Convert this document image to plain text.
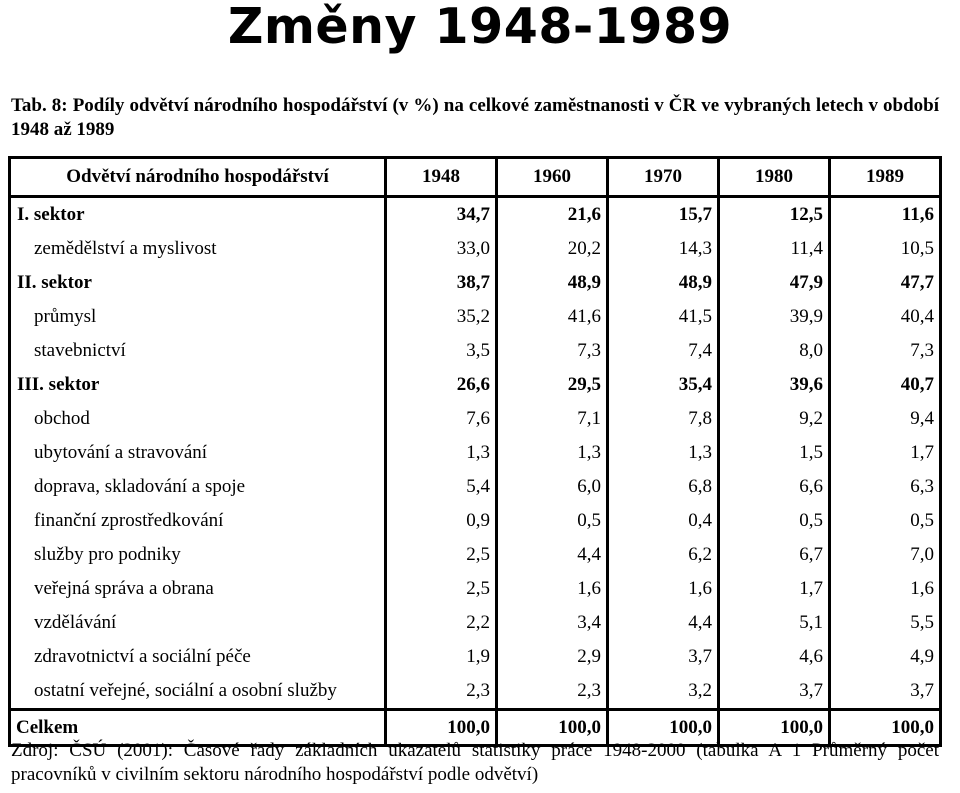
Změny 1948-1989
Tab. 8: Podíly odvětví národního hospodářství (v %) na celkové zaměstnanosti v ČR ve vybraných letech v období 1948 až 1989
Odvětví národního hospodářství	1948	1960	1970	1980	1989
I. sektor	34,7	21,6	15,7	12,5	11,6
zemědělství a myslivost	33,0	20,2	14,3	11,4	10,5
II. sektor	38,7	48,9	48,9	47,9	47,7
průmysl	35,2	41,6	41,5	39,9	40,4
stavebnictví	3,5	7,3	7,4	8,0	7,3
III. sektor	26,6	29,5	35,4	39,6	40,7
obchod	7,6	7,1	7,8	9,2	9,4
ubytování a stravování	1,3	1,3	1,3	1,5	1,7
doprava, skladování a spoje	5,4	6,0	6,8	6,6	6,3
finanční zprostředkování	0,9	0,5	0,4	0,5	0,5
služby pro podniky	2,5	4,4	6,2	6,7	7,0
veřejná správa a obrana	2,5	1,6	1,6	1,7	1,6
vzdělávání	2,2	3,4	4,4	5,1	5,5
zdravotnictví a sociální péče	1,9	2,9	3,7	4,6	4,9
ostatní veřejné, sociální a osobní služby	2,3	2,3	3,2	3,7	3,7
Celkem	100,0	100,0	100,0	100,0	100,0
Zdroj: ČSÚ (2001): Časové řady základních ukazatelů statistiky práce 1948-2000 (tabulka A 1 Průměrný počet pracovníků v civilním sektoru národního hospodářství podle odvětví)
